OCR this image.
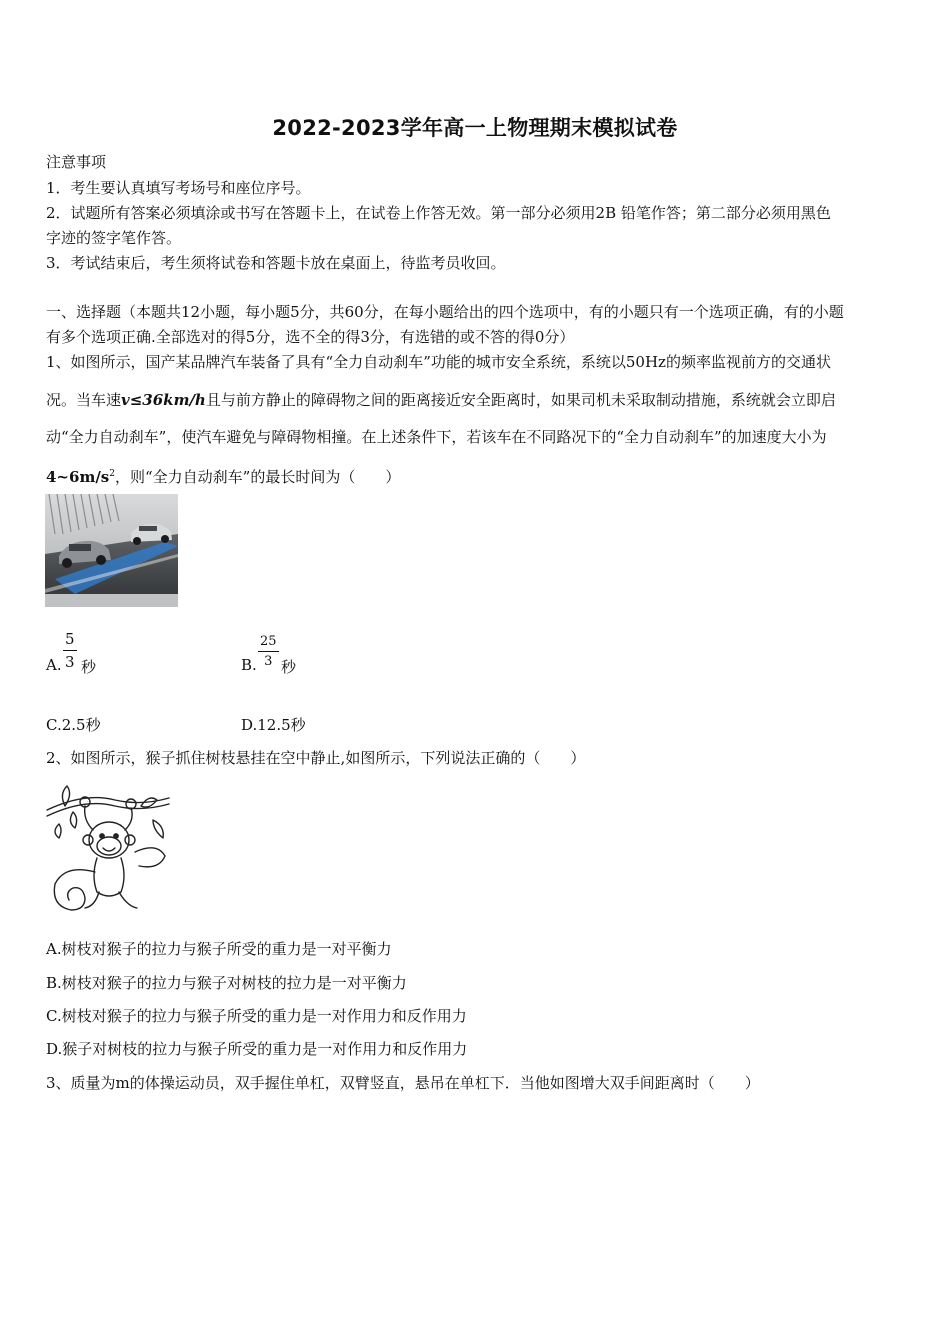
2022-2023学年高一上物理期末模拟试卷
注意事项
1．考生要认真填写考场号和座位序号。
2．试题所有答案必须填涂或书写在答题卡上，在试卷上作答无效。第一部分必须用2B 铅笔作答；第二部分必须用黑色
字迹的签字笔作答。
3．考试结束后，考生须将试卷和答题卡放在桌面上，待监考员收回。
一、选择题（本题共12小题，每小题5分，共60分，在每小题给出的四个选项中，有的小题只有一个选项正确，有的小题
有多个选项正确.全部选对的得5分，选不全的得3分，有选错的或不答的得0分）
1、如图所示，国产某品牌汽车装备了具有“全力自动刹车”功能的城市安全系统，系统以50Hz的频率监视前方的交通状
况。当车速v≤36km/h且与前方静止的障碍物之间的距离接近安全距离时，如果司机未采取制动措施，系统就会立即启
动“全力自动刹车”，使汽车避免与障碍物相撞。在上述条件下，若该车在不同路况下的“全力自动刹车”的加速度大小为
$4\sim 6m/s^2$，则“全力自动刹车”的最长时间为（　　）
A.
5
3 秒	B.
25
3 秒
C.2.5秒	D.12.5秒
2、如图所示，猴子抓住树枝悬挂在空中静止,如图所示，下列说法正确的（　　）
A.树枝对猴子的拉力与猴子所受的重力是一对平衡力
B.树枝对猴子的拉力与猴子对树枝的拉力是一对平衡力
C.树枝对猴子的拉力与猴子所受的重力是一对作用力和反作用力
D.猴子对树枝的拉力与猴子所受的重力是一对作用力和反作用力
3、质量为m的体操运动员，双手握住单杠，双臂竖直，悬吊在单杠下．当他如图增大双手间距离时（　　）
